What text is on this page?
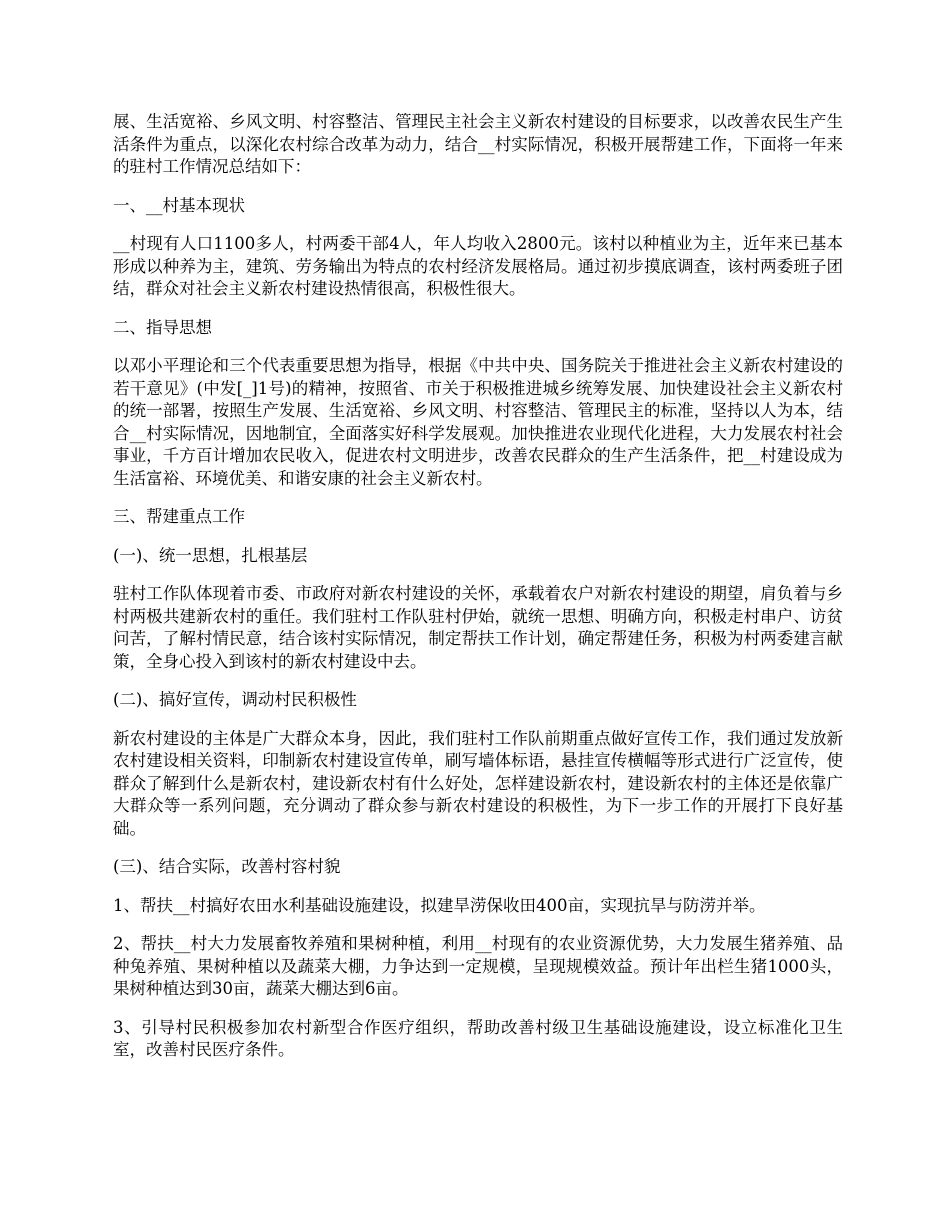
展、生活宽裕、乡风文明、村容整洁、管理民主社会主义新农村建设的目标要求，以改善农民生产生活条件为重点，以深化农村综合改革为动力，结合__村实际情况，积极开展帮建工作，下面将一年来的驻村工作情况总结如下：

一、__村基本现状

__村现有人口1100多人，村两委干部4人，年人均收入2800元。该村以种植业为主，近年来已基本形成以种养为主，建筑、劳务输出为特点的农村经济发展格局。通过初步摸底调查，该村两委班子团结，群众对社会主义新农村建设热情很高，积极性很大。

二、指导思想

以邓小平理论和三个代表重要思想为指导，根据《中共中央、国务院关于推进社会主义新农村建设的若干意见》(中发[_]1号)的精神，按照省、市关于积极推进城乡统筹发展、加快建设社会主义新农村的统一部署，按照生产发展、生活宽裕、乡风文明、村容整洁、管理民主的标准，坚持以人为本，结合__村实际情况，因地制宜，全面落实好科学发展观。加快推进农业现代化进程，大力发展农村社会事业，千方百计增加农民收入，促进农村文明进步，改善农民群众的生产生活条件，把__村建设成为生活富裕、环境优美、和谐安康的社会主义新农村。

三、帮建重点工作

(一)、统一思想，扎根基层

驻村工作队体现着市委、市政府对新农村建设的关怀，承载着农户对新农村建设的期望，肩负着与乡村两极共建新农村的重任。我们驻村工作队驻村伊始，就统一思想、明确方向，积极走村串户、访贫问苦，了解村情民意，结合该村实际情况，制定帮扶工作计划，确定帮建任务，积极为村两委建言献策，全身心投入到该村的新农村建设中去。

(二)、搞好宣传，调动村民积极性

新农村建设的主体是广大群众本身，因此，我们驻村工作队前期重点做好宣传工作，我们通过发放新农村建设相关资料，印制新农村建设宣传单，刷写墙体标语，悬挂宣传横幅等形式进行广泛宣传，使群众了解到什么是新农村，建设新农村有什么好处，怎样建设新农村，建设新农村的主体还是依靠广大群众等一系列问题，充分调动了群众参与新农村建设的积极性，为下一步工作的开展打下良好基础。

(三)、结合实际，改善村容村貌

1、帮扶__村搞好农田水利基础设施建设，拟建旱涝保收田400亩，实现抗旱与防涝并举。

2、帮扶__村大力发展畜牧养殖和果树种植，利用__村现有的农业资源优势，大力发展生猪养殖、品种兔养殖、果树种植以及蔬菜大棚，力争达到一定规模，呈现规模效益。预计年出栏生猪1000头，果树种植达到30亩，蔬菜大棚达到6亩。

3、引导村民积极参加农村新型合作医疗组织，帮助改善村级卫生基础设施建设，设立标准化卫生室，改善村民医疗条件。
